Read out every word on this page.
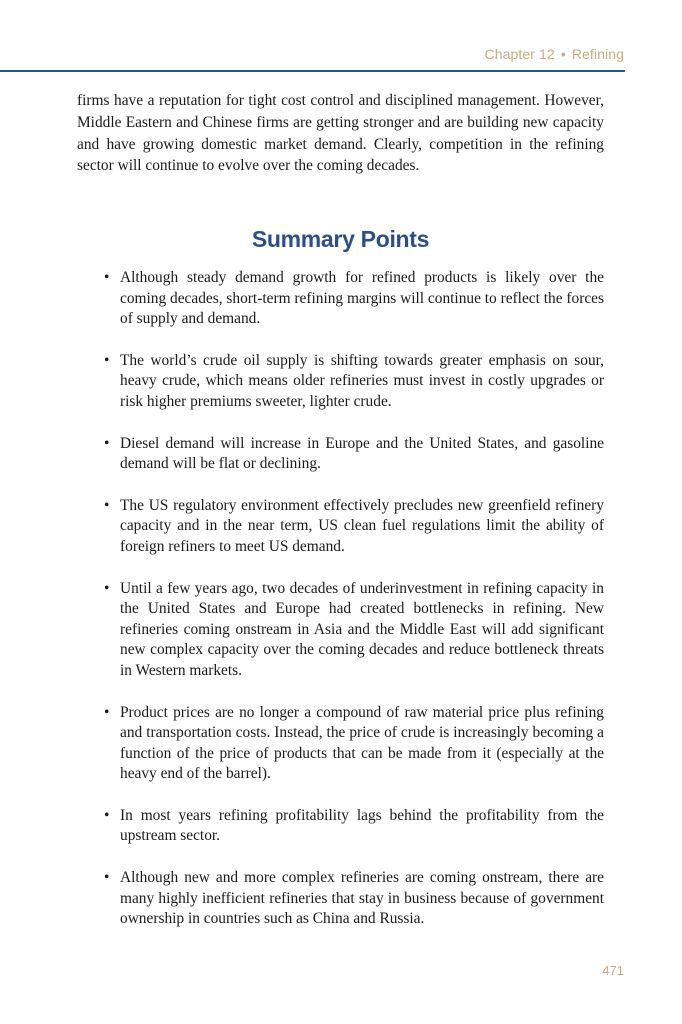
Chapter 12 • Refining

firms have a reputation for tight cost control and disciplined management. However, Middle Eastern and Chinese firms are getting stronger and are building new capacity and have growing domestic market demand. Clearly, competition in the refining sector will continue to evolve over the coming decades.

Summary Points
• Although steady demand growth for refined products is likely over the coming decades, short-term refining margins will continue to reflect the forces of supply and demand.
• The world’s crude oil supply is shifting towards greater emphasis on sour, heavy crude, which means older refineries must invest in costly upgrades or risk higher premiums sweeter, lighter crude.
• Diesel demand will increase in Europe and the United States, and gasoline demand will be flat or declining.
• The US regulatory environment effectively precludes new greenfield refinery capacity and in the near term, US clean fuel regulations limit the ability of foreign refiners to meet US demand.
• Until a few years ago, two decades of underinvestment in refining capacity in the United States and Europe had created bottlenecks in refining. New refineries coming onstream in Asia and the Middle East will add significant new complex capacity over the coming decades and reduce bottleneck threats in Western markets.
• Product prices are no longer a compound of raw material price plus refining and transportation costs. Instead, the price of crude is increasingly becoming a function of the price of products that can be made from it (especially at the heavy end of the barrel).
• In most years refining profitability lags behind the profitability from the upstream sector.
• Although new and more complex refineries are coming onstream, there are many highly inefficient refineries that stay in business because of government ownership in countries such as China and Russia.
471
